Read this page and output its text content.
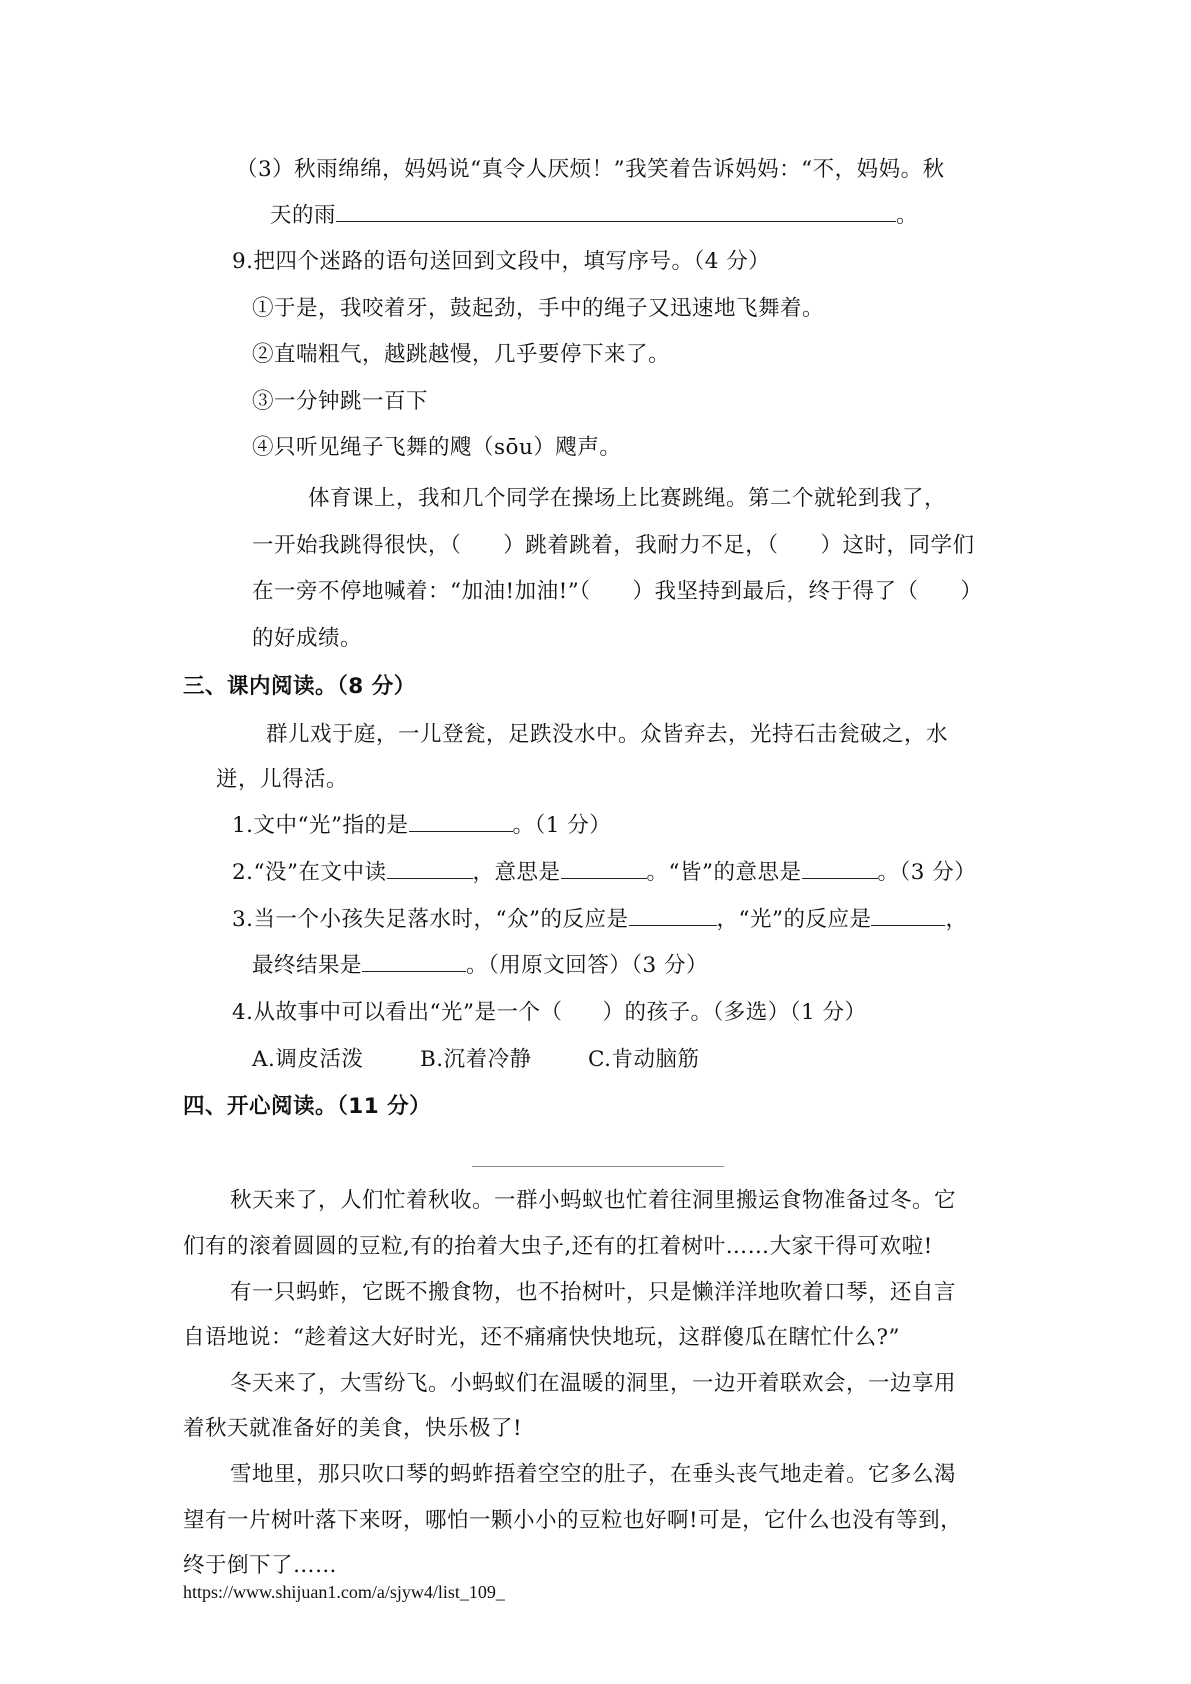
（3）秋雨绵绵，妈妈说“真令人厌烦！”我笑着告诉妈妈：“不，妈妈。秋
天的雨	。
9.把四个迷路的语句送回到文段中，填写序号。（4 分）
①于是，我咬着牙，鼓起劲，手中的绳子又迅速地飞舞着。
②直喘粗气，越跳越慢，几乎要停下来了。
③一分钟跳一百下
④只听见绳子飞舞的飕（sōu）飕声。
体育课上，我和几个同学在操场上比赛跳绳。第二个就轮到我了，
一开始我跳得很快，（ ）跳着跳着，我耐力不足，（ ）这时，同学们
在一旁不停地喊着：“加油!加油!”（ ）我坚持到最后，终于得了（ ）
的好成绩。
三、课内阅读。（8 分）
群儿戏于庭，一儿登瓮，足跌没水中。众皆弃去，光持石击瓮破之，水
迸，儿得活。
1.文中“光”指的是	。（1 分）
2.“没”在文中读	，意思是	。“皆”的意思是	。（3 分）
3.当一个小孩失足落水时，“众”的反应是	，“光”的反应是	，
最终结果是	。（用原文回答）（3 分）
4.从故事中可以看出“光”是一个（ ）的孩子。（多选）（1 分）
A.调皮活泼	B.沉着冷静	C.肯动脑筋
四、开心阅读。（11 分）
秋天来了，人们忙着秋收。一群小蚂蚁也忙着往洞里搬运食物准备过冬。它
们有的滚着圆圆的豆粒,有的抬着大虫子,还有的扛着树叶……大家干得可欢啦!
有一只蚂蚱，它既不搬食物，也不抬树叶，只是懒洋洋地吹着口琴，还自言
自语地说：“趁着这大好时光，还不痛痛快快地玩，这群傻瓜在瞎忙什么?”
冬天来了，大雪纷飞。小蚂蚁们在温暖的洞里，一边开着联欢会，一边享用
着秋天就准备好的美食，快乐极了!
雪地里，那只吹口琴的蚂蚱捂着空空的肚子，在垂头丧气地走着。它多么渴
望有一片树叶落下来呀，哪怕一颗小小的豆粒也好啊!可是，它什么也没有等到，
终于倒下了……
https://www.shijuan1.com/a/sjyw4/list_109_
